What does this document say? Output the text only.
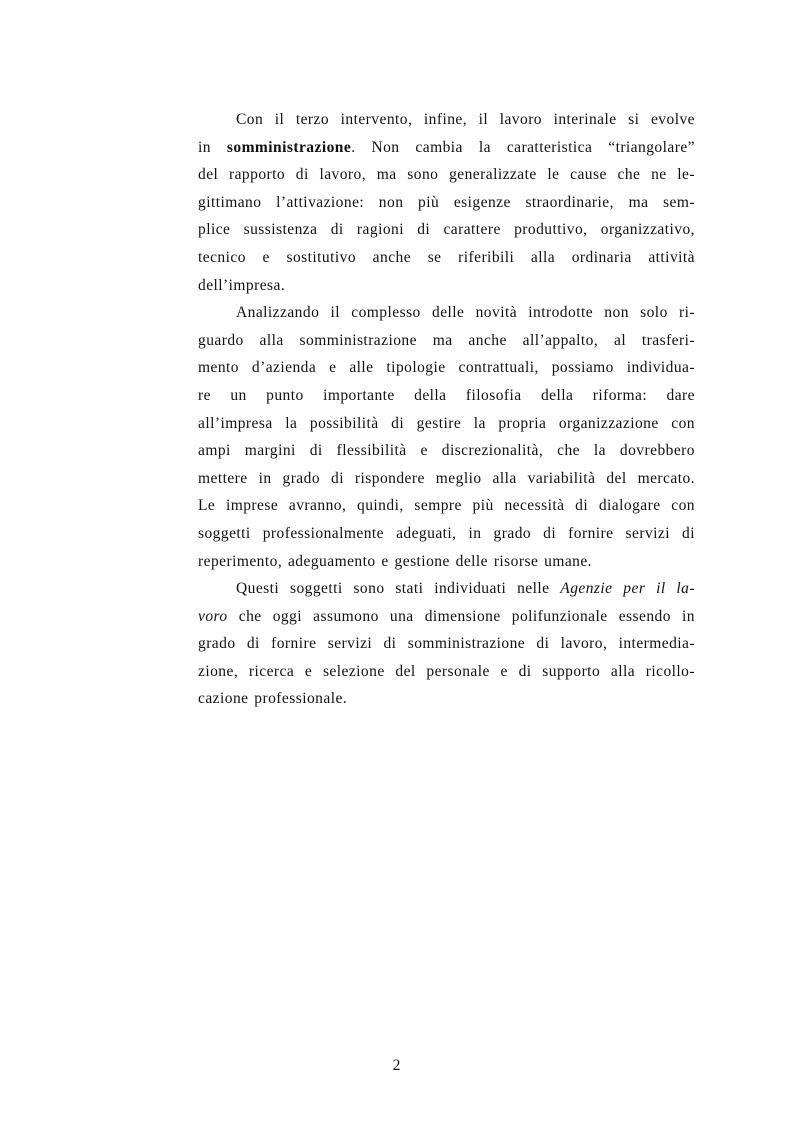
Con il terzo intervento, infine, il lavoro interinale si evolve
in somministrazione. Non cambia la caratteristica “triangolare”
del rapporto di lavoro, ma sono generalizzate le cause che ne le-
gittimano l’attivazione: non più esigenze straordinarie, ma sem-
plice sussistenza di ragioni di carattere produttivo, organizzativo,
tecnico e sostitutivo anche se riferibili alla ordinaria attività
dell’impresa.
Analizzando il complesso delle novità introdotte non solo ri-
guardo alla somministrazione ma anche all’appalto, al trasferi-
mento d’azienda e alle tipologie contrattuali, possiamo individua-
re un punto importante della filosofia della riforma: dare
all’impresa la possibilità di gestire la propria organizzazione con
ampi margini di flessibilità e discrezionalità, che la dovrebbero
mettere in grado di rispondere meglio alla variabilità del mercato.
Le imprese avranno, quindi, sempre più necessità di dialogare con
soggetti professionalmente adeguati, in grado di fornire servizi di
reperimento, adeguamento e gestione delle risorse umane.
Questi soggetti sono stati individuati nelle Agenzie per il la-
voro che oggi assumono una dimensione polifunzionale essendo in
grado di fornire servizi di somministrazione di lavoro, intermedia-
zione, ricerca e selezione del personale e di supporto alla ricollo-
cazione professionale.
2
